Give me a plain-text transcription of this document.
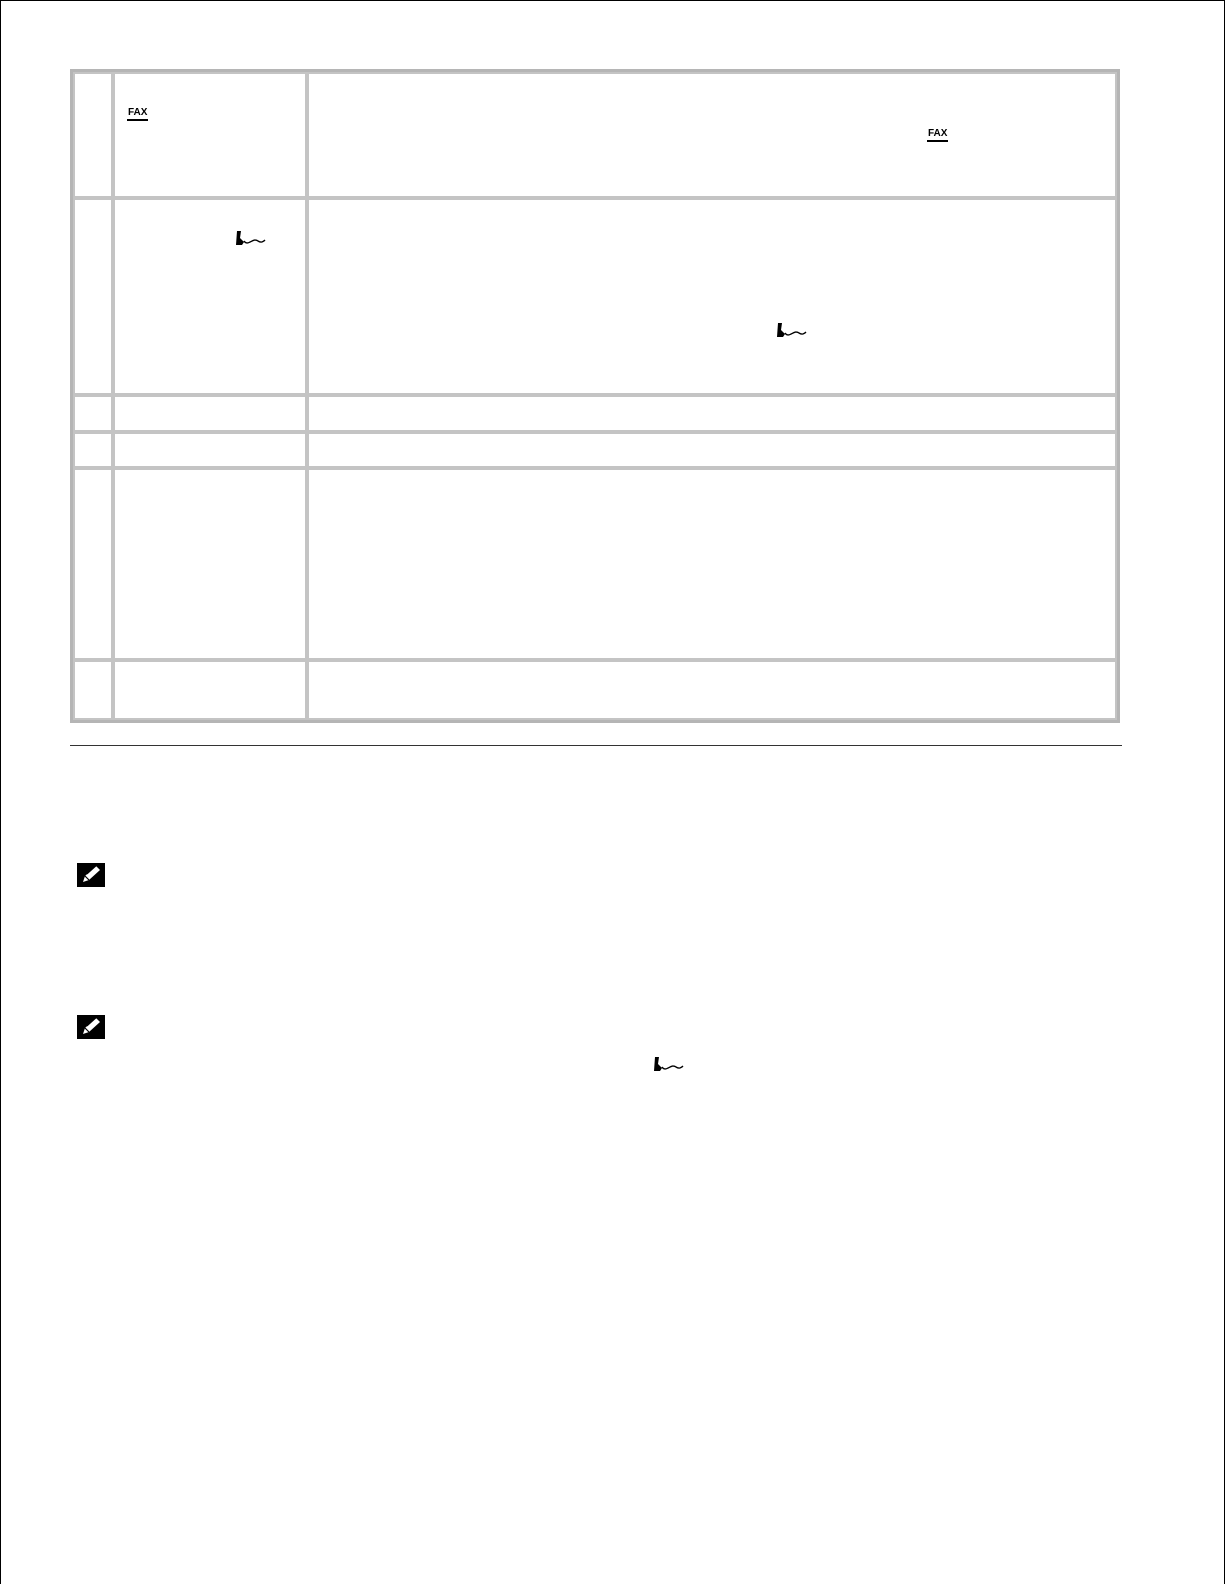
	FAX	FAX
